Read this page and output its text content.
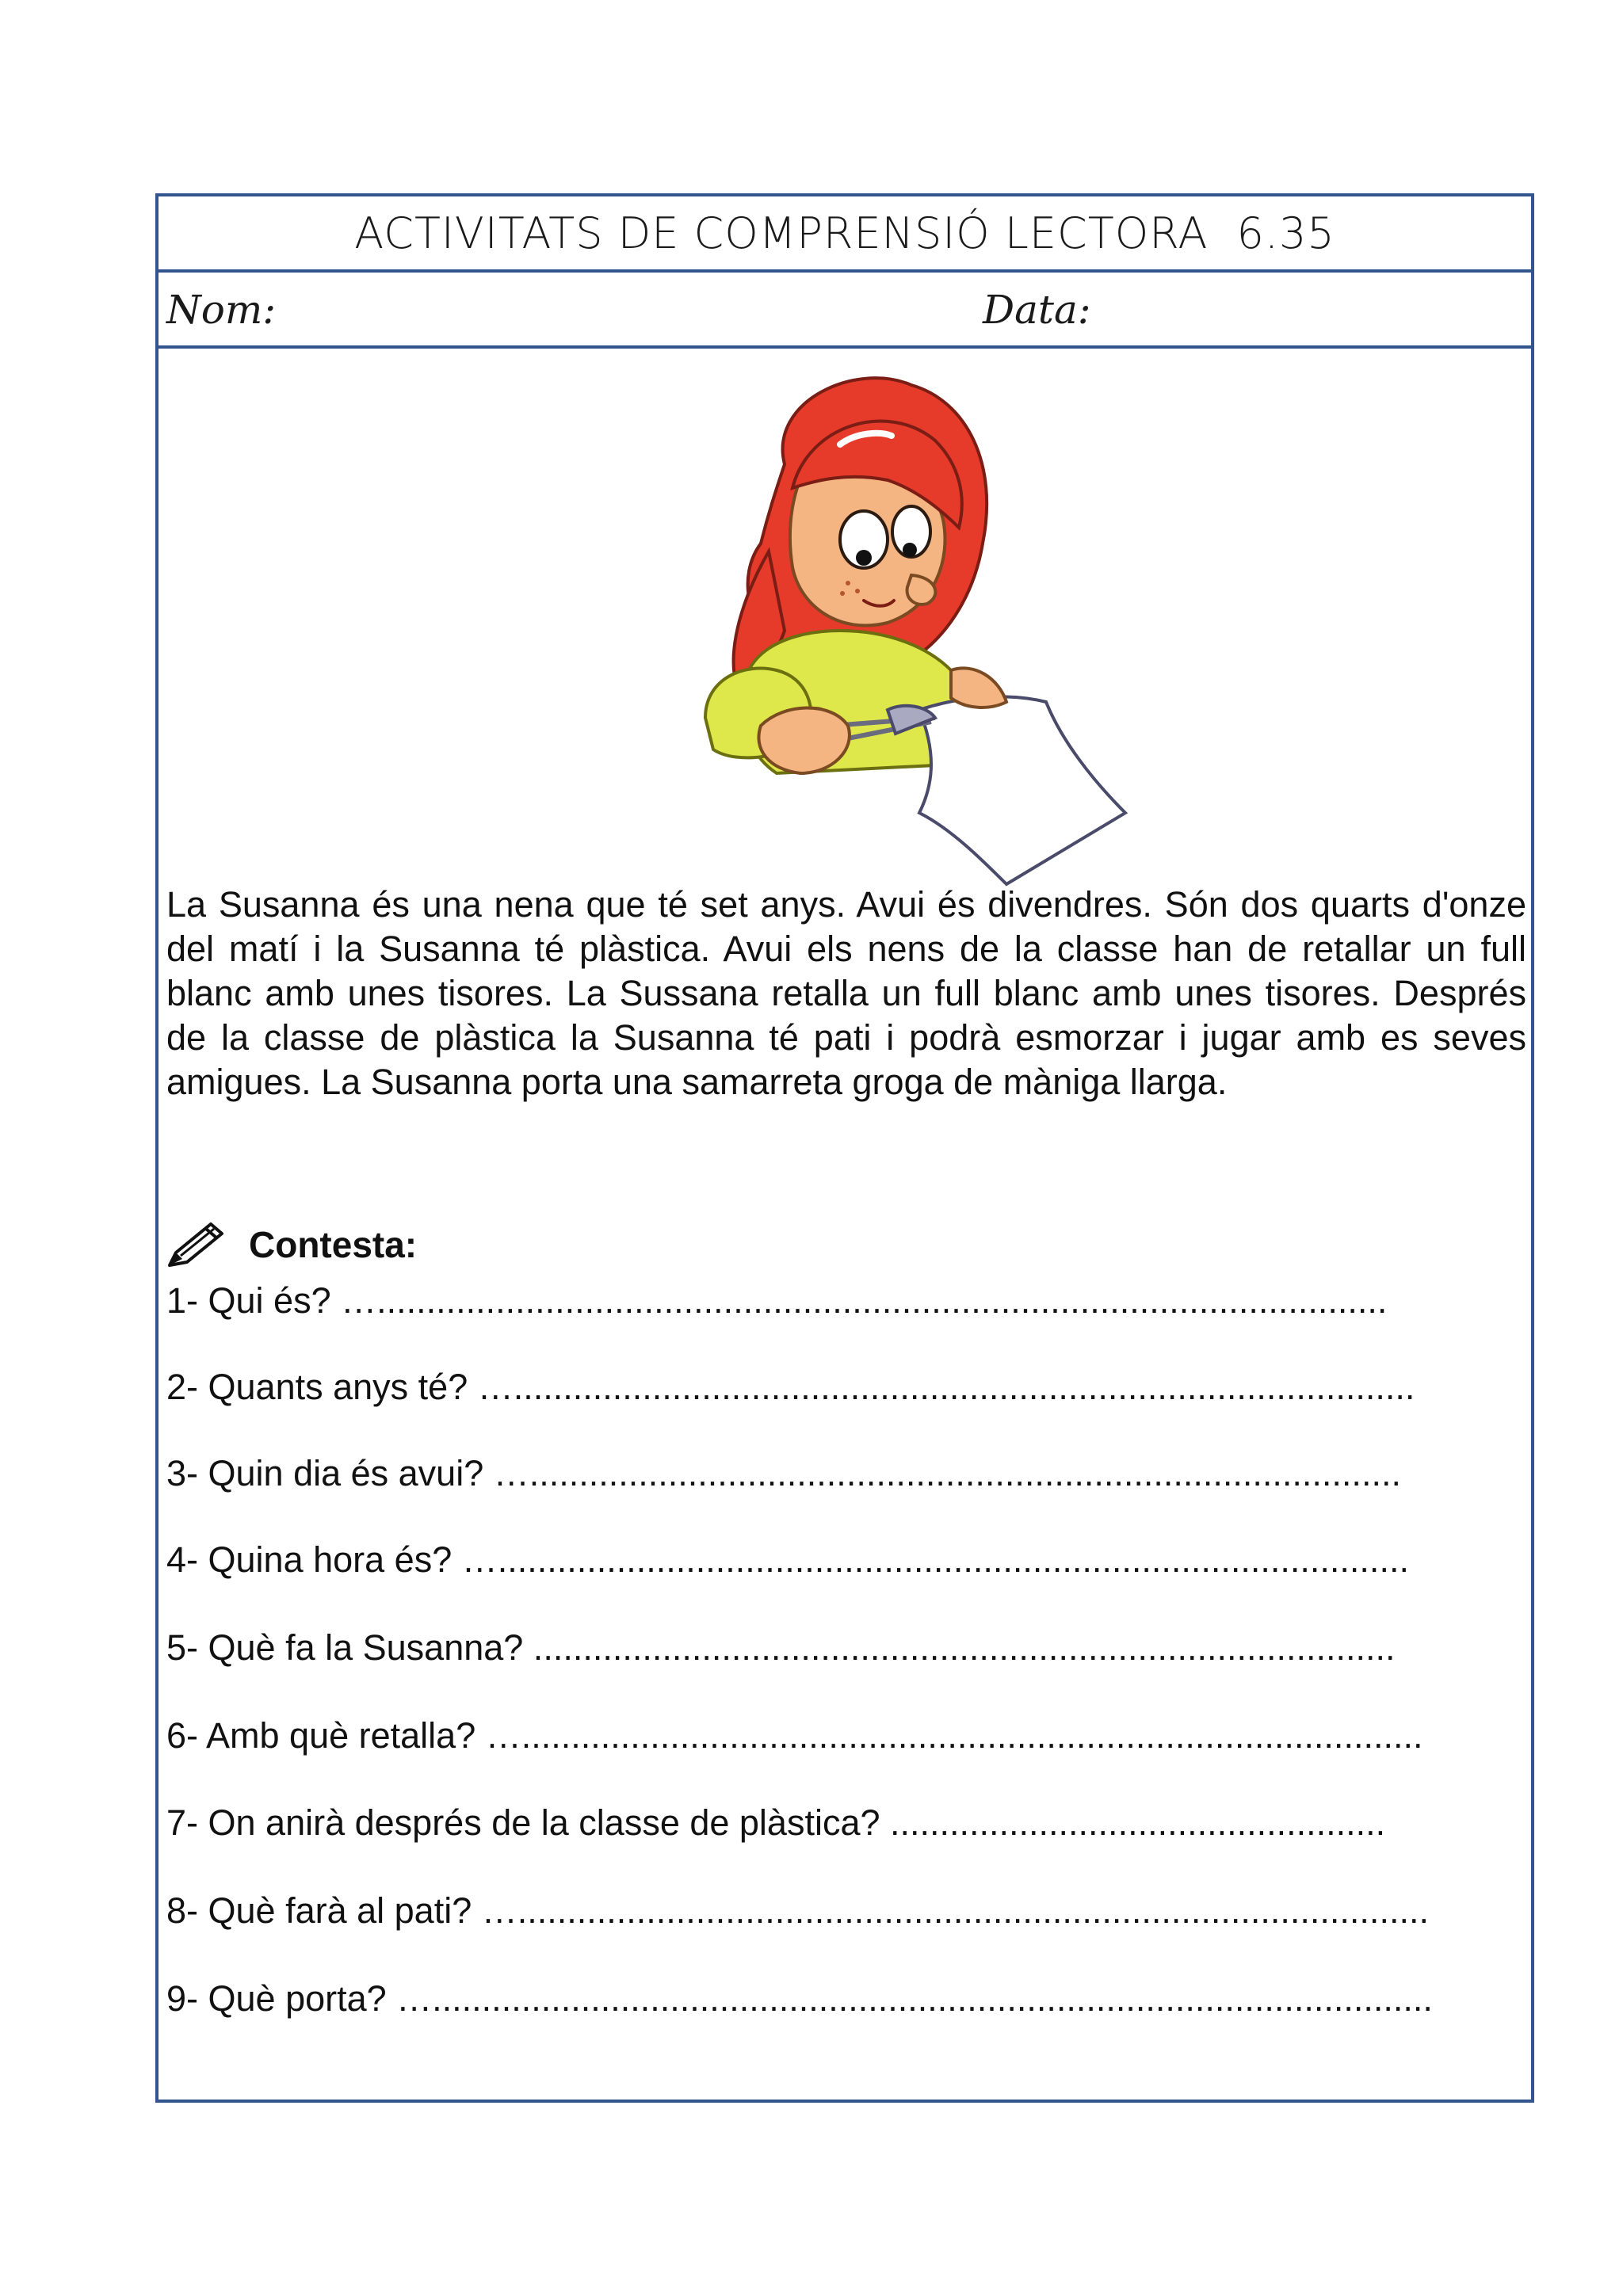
ACTIVITATS DE COMPRENSIÓ LECTORA 6.35
Nom:	Data:
La Susanna és una nena que té set anys. Avui és divendres. Són dos quarts d'onze del matí i la Susanna té plàstica. Avui els nens de la classe han de retallar un full blanc amb unes tisores. La Sussana retalla un full blanc amb unes tisores. Després de la classe de plàstica la Susanna té pati i podrà esmorzar i jugar amb es seves amigues. La Susanna porta una samarreta groga de màniga llarga.
Contesta:
1- Qui és? …......................................................................................................
2- Quants anys té? …...........................................................................................
3- Quin dia és avui? …........................................................................................
4- Quina hora és? …............................................................................................
5- Què fa la Susanna? .......................................................................................
6- Amb què retalla? …...........................................................................................
7- On anirà després de la classe de plàstica? ..................................................
8- Què farà al pati? …............................................................................................
9- Què porta? ….....................................................................................................
